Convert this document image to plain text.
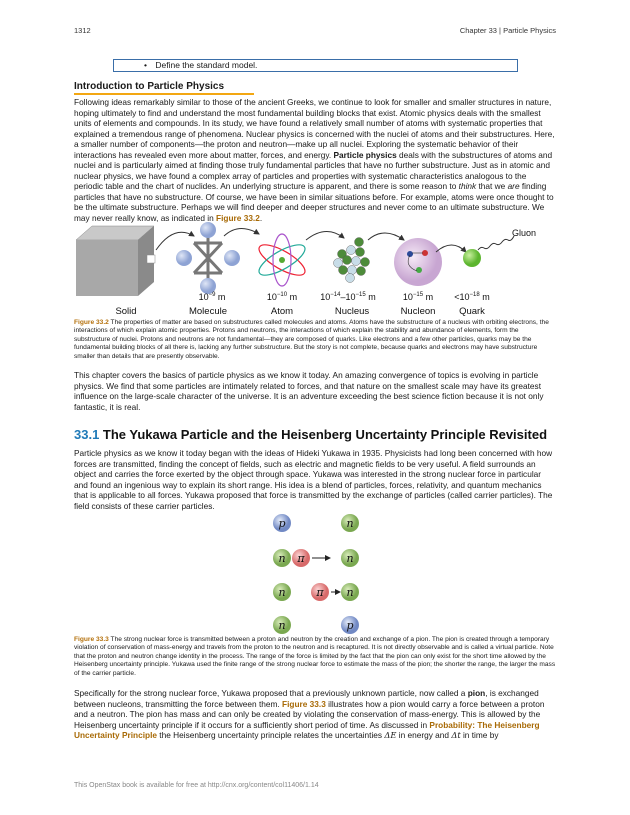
1312	Chapter 33 | Particle Physics
• Define the standard model.
Introduction to Particle Physics

Following ideas remarkably similar to those of the ancient Greeks, we continue to look for smaller and smaller structures in nature, hoping ultimately to find and understand the most fundamental building blocks that exist. Atomic physics deals with the smallest units of elements and compounds. In its study, we have found a relatively small number of atoms with systematic properties that explained a tremendous range of phenomena. Nuclear physics is concerned with the nuclei of atoms and their substructures. Here, a smaller number of components—the proton and neutron—make up all nuclei. Exploring the systematic behavior of their interactions has revealed even more about matter, forces, and energy. Particle physics deals with the substructures of atoms and nuclei and is particularly aimed at finding those truly fundamental particles that have no further substructure. Just as in atomic and nuclear physics, we have found a complex array of particles and properties with systematic characteristics analogous to the periodic table and the chart of nuclides. An underlying structure is apparent, and there is some reason to think that we are finding particles that have no substructure. Of course, we have been in similar situations before. For example, atoms were once thought to be the ultimate substructure. Perhaps we will find deeper and deeper structures and never come to an ultimate substructure. We may never really know, as indicated in Figure 33.2.

Gluon
$10^{-9}$ m	$10^{-10}$ m	$10^{-14}-10^{-15}$ m	$10^{-15}$ $m <10^{-18}$ m
Solid	Molecule	Atom	Nucleus	Nucleon Quark

Figure 33.2 The properties of matter are based on substructures called molecules and atoms. Atoms have the substructure of a nucleus with orbiting electrons, the interactions of which explain atomic properties. Protons and neutrons, the interactions of which explain the stability and abundance of elements, form the substructure of nuclei. Protons and neutrons are not fundamental—they are composed of quarks. Like electrons and a few other particles, quarks may be the fundamental building blocks of all there is, lacking any further substructure. But the story is not complete, because quarks and electrons may have substructure smaller than details that are presently observable.

This chapter covers the basics of particle physics as we know it today. An amazing convergence of topics is evolving in particle physics. We find that some particles are intimately related to forces, and that nature on the smallest scale may have its greatest influence on the large-scale character of the universe. It is an adventure exceeding the best science fiction because it is not only fantastic, it is real.

33.1 The Yukawa Particle and the Heisenberg Uncertainty Principle Revisited

Particle physics as we know it today began with the ideas of Hideki Yukawa in 1935. Physicists had long been concerned with how forces are transmitted, finding the concept of fields, such as electric and magnetic fields to be very useful. A field surrounds an object and carries the force exerted by the object through space. Yukawa was interested in the strong nuclear force in particular and found an ingenious way to explain its short range. His idea is a blend of particles, forces, relativity, and quantum mechanics that is applicable to all forces. Yukawa proposed that force is transmitted by the exchange of particles (called carrier particles). The field consists of these carrier particles.

p	n
n π	n
n	π n
n	p

Figure 33.3 The strong nuclear force is transmitted between a proton and neutron by the creation and exchange of a pion. The pion is created through a temporary violation of conservation of mass-energy and travels from the proton to the neutron and is recaptured. It is not directly observable and is called a virtual particle. Note that the proton and neutron change identity in the process. The range of the force is limited by the fact that the pion can only exist for the short time allowed by the Heisenberg uncertainty principle. Yukawa used the finite range of the strong nuclear force to estimate the mass of the pion; the shorter the range, the larger the mass of the carrier particle.

Specifically for the strong nuclear force, Yukawa proposed that a previously unknown particle, now called a pion, is exchanged between nucleons, transmitting the force between them. Figure 33.3 illustrates how a pion would carry a force between a proton and a neutron. The pion has mass and can only be created by violating the conservation of mass-energy. This is allowed by the Heisenberg uncertainty principle if it occurs for a sufficiently short period of time. As discussed in Probability: The Heisenberg Uncertainty Principle the Heisenberg uncertainty principle relates the uncertainties ΔE in energy and Δt in time by

This OpenStax book is available for free at http://cnx.org/content/col11406/1.14
